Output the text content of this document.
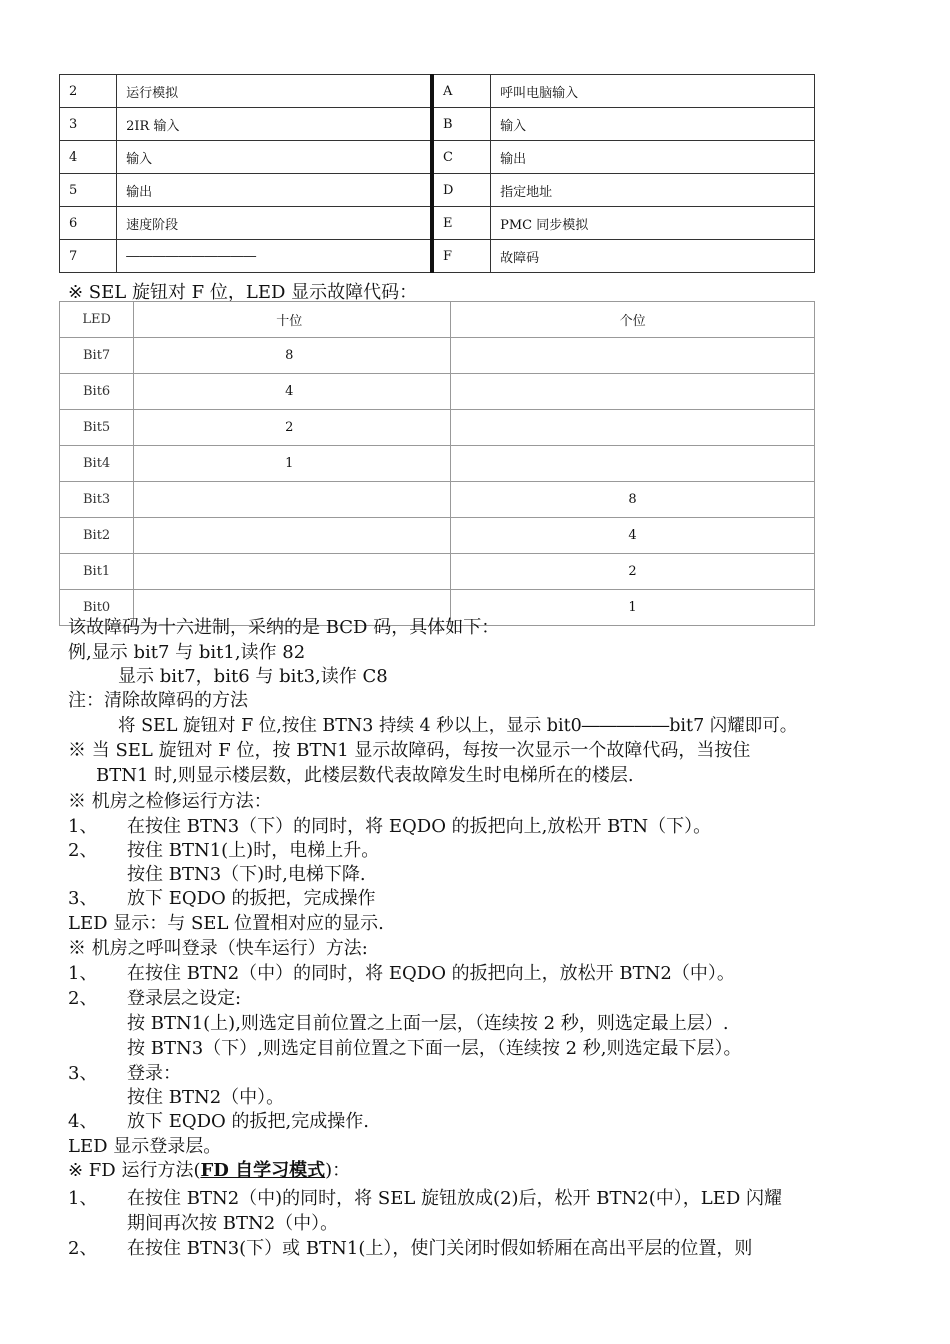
2	运行模拟	A	呼叫电脑输入
3	2IR 输入	B	输入
4	输入	C	输出
5	输出	D	指定地址
6	速度阶段	E	PMC 同步模拟
7	――――――――――	F	故障码
※ SEL 旋钮对 F 位，LED 显示故障代码：
LED	十位	个位

Bit7	8	

Bit6	4	

Bit5	2	

Bit4	1	

Bit3		8

Bit2		4

Bit1		2

Bit0		1
该故障码为十六进制，采纳的是 BCD 码，具体如下：
例,显示 bit7 与 bit1,读作 82
显示 bit7，bit6 与 bit3,读作 C8
注：清除故障码的方法
将 SEL 旋钮对 F 位,按住 BTN3 持续 4 秒以上，显示 bit0―――――bit7 闪耀即可。
※ 当 SEL 旋钮对 F 位，按 BTN1 显示故障码，每按一次显示一个故障代码，当按住
BTN1 时,则显示楼层数，此楼层数代表故障发生时电梯所在的楼层.
※ 机房之检修运行方法：
1、 在按住 BTN3（下）的同时，将 EQDO 的扳把向上,放松开 BTN（下）。
2、 按住 BTN1(上)时，电梯上升。
按住 BTN3（下)时,电梯下降.
3、 放下 EQDO 的扳把，完成操作
LED 显示：与 SEL 位置相对应的显示.
※ 机房之呼叫登录（快车运行）方法:
1、 在按住 BTN2（中）的同时，将 EQDO 的扳把向上，放松开 BTN2（中）。
2、 登录层之设定:
按 BTN1(上),则选定目前位置之上面一层，（连续按 2 秒，则选定最上层）.
按 BTN3（下）,则选定目前位置之下面一层，（连续按 2 秒,则选定最下层）。
3、 登录：
按住 BTN2（中）。
4、 放下 EQDO 的扳把,完成操作.
LED 显示登录层。
※ FD 运行方法(FD 自学习模式)：
1、 在按住 BTN2（中)的同时，将 SEL 旋钮放成(2)后，松开 BTN2(中），LED 闪耀
期间再次按 BTN2（中）。
2、 在按住 BTN3(下）或 BTN1(上），使门关闭时假如轿厢在高出平层的位置，则
